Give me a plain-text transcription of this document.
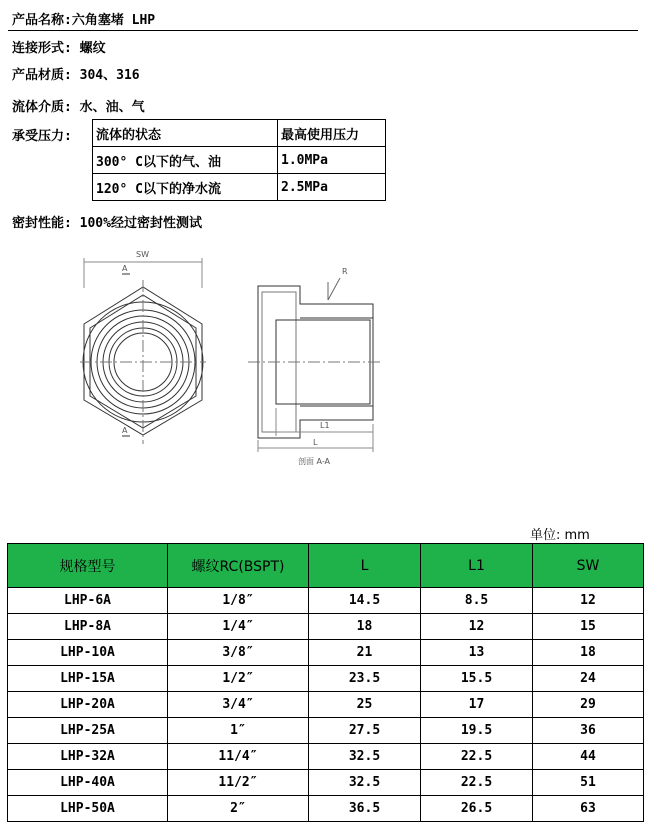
产品名称:六角塞堵 LHP
连接形式: 螺纹
产品材质: 304、316
流体介质: 水、油、气
承受压力: 流体的状态	最高使用压力
300° C以下的气、油	1.0MPa
120° C以下的净水流	2.5MPa
密封性能: 100%经过密封性测试
SW
A
A
R
L1
L
剖面 A-A
单位: mm
规格型号	螺纹RC(BSPT)	L	L1	SW
LHP-6A	1/8″	14.5	8.5	12
LHP-8A	1/4″	18	12	15
LHP-10A	3/8″	21	13	18
LHP-15A	1/2″	23.5	15.5	24
LHP-20A	3/4″	25	17	29
LHP-25A	1″	27.5	19.5	36
LHP-32A	11/4″	32.5	22.5	44
LHP-40A	11/2″	32.5	22.5	51
LHP-50A	2″	36.5	26.5	63
